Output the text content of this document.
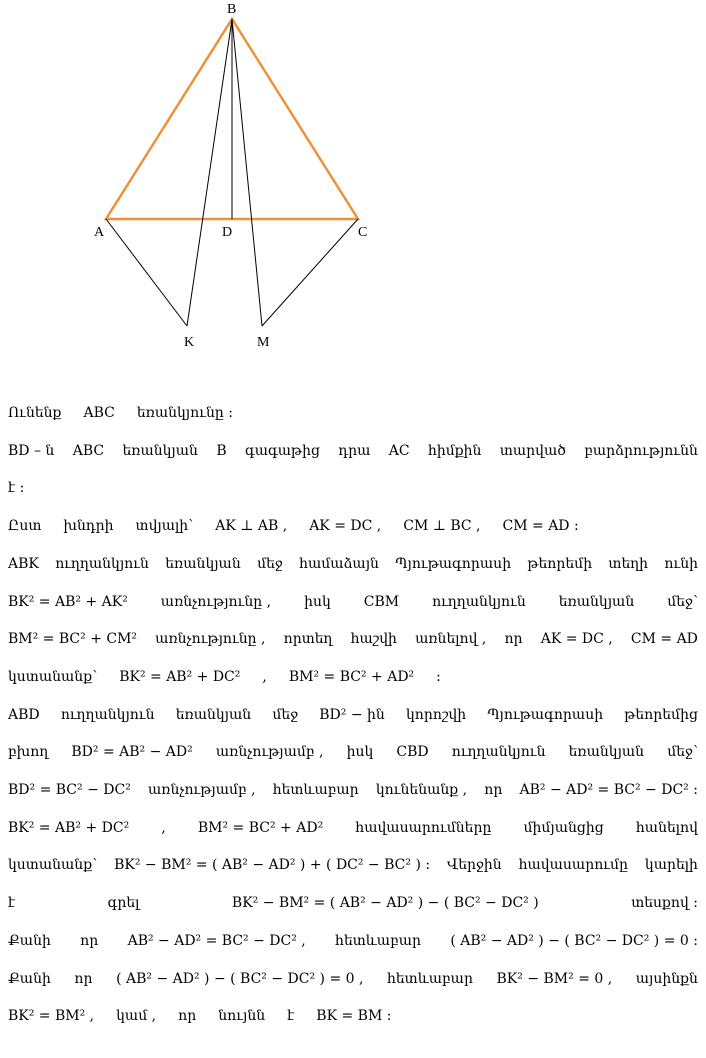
B
A	D	C
K	M
Ունենք ABC եռանկյունը :
BD – ն ABC եռանկյան B գագաթից դրա AC հիմքին տարված բարձրությունն
է :
Ըստ խնդրի տվյալի՝ AK ⊥ AB , AK = DC , CM ⊥ BC , CM = AD :
ABK ուղղանկյուն եռանկյան մեջ համաձայն Պյութագորասի թեորեմի տեղի ունի
BK² = AB² + AK² առնչությունը , իսկ CBM ուղղանկյուն եռանկյան մեջ՝
BM² = BC² + CM² առնչությունը , որտեղ հաշվի առնելով , որ AK = DC , CM = AD
կստանանք՝ BK² = AB² + DC² , BM² = BC² + AD² :
ABD ուղղանկյուն եռանկյան մեջ BD² − ին կորոշվի Պյութագորասի թեորեմից
բխող BD² = AB² − AD² առնչությամբ , իսկ CBD ուղղանկյուն եռանկյան մեջ՝
BD² = BC² − DC² առնչությամբ , հետևաբար կունենանք , որ AB² − AD² = BC² − DC² :
BK² = AB² + DC² , BM² = BC² + AD² հավասարումները միմյանցից հանելով
կստանանք՝ BK² − BM² = ( AB² − AD² ) + ( DC² − BC² ) : Վերջին հավասարումը կարելի
է	գրել	BK² − BM² = ( AB² − AD² ) − ( BC² − DC² )	տեսքով :
Քանի որ AB² − AD² = BC² − DC² , հետևաբար ( AB² − AD² ) − ( BC² − DC² ) = 0 :
Քանի որ ( AB² − AD² ) − ( BC² − DC² ) = 0 , հետևաբար BK² − BM² = 0 , այսինքն
BK² = BM² , կամ , որ նույնն է BK = BM :
